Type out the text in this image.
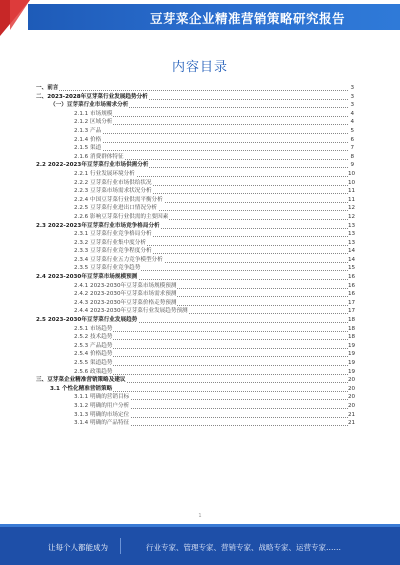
豆芽菜企业精准营销策略研究报告
内容目录
一、前言	3
二、2023-2028年豆芽菜行业发展趋势分析	3
（一）豆芽菜行业市场需求分析	3
2.1.1 市场规模	4
2.1.2 区域分析	4
2.1.3 产品	5
2.1.4 价格	6
2.1.5 渠道	7
2.1.6 消费群体特征	8
2.2 2022-2023年豆芽菜行业市场供需分析	9
2.2.1 行业发展环境分析	10
2.2.2 豆芽菜行业市场供给状况	10
2.2.3 豆芽菜市场需求状况分析	11
2.2.4 中国豆芽菜行业供需平衡分析	11
2.2.5 豆芽菜行业进出口情况分析	12
2.2.6 影响豆芽菜行业供需的主要因素	12
2.3 2022-2023年豆芽菜行业市场竞争格局分析	13
2.3.1 豆芽菜行业竞争格局分析	13
2.3.2 豆芽菜行业集中度分析	13
2.3.3 豆芽菜行业竞争程度分析	14
2.3.4 豆芽菜行业五力竞争模型分析	14
2.3.5 豆芽菜行业竞争趋势	15
2.4 2023-2030年豆芽菜市场规模预测	16
2.4.1 2023-2030年豆芽菜市场规模预测	16
2.4.2 2023-2030年豆芽菜市场需求预测	16
2.4.3 2023-2030年豆芽菜价格走势预测	17
2.4.4 2023-2030年豆芽菜行业发展趋势预测	17
2.5 2023-2030年豆芽菜行业发展趋势	18
2.5.1 市场趋势	18
2.5.2 技术趋势	18
2.5.3 产品趋势	19
2.5.4 价格趋势	19
2.5.5 渠道趋势	19
2.5.6 政策趋势	19
三、豆芽菜企业精准营销策略及建议	20
3.1 个性化精准营销策略	20
3.1.1 明确的营销目标	20
3.1.2 明确的用户分析	20
3.1.3 明确的市场定位	21
3.1.4 明确的产品特征	21
1
让每个人都能成为	行业专家、管理专家、营销专家、战略专家、运营专家……
